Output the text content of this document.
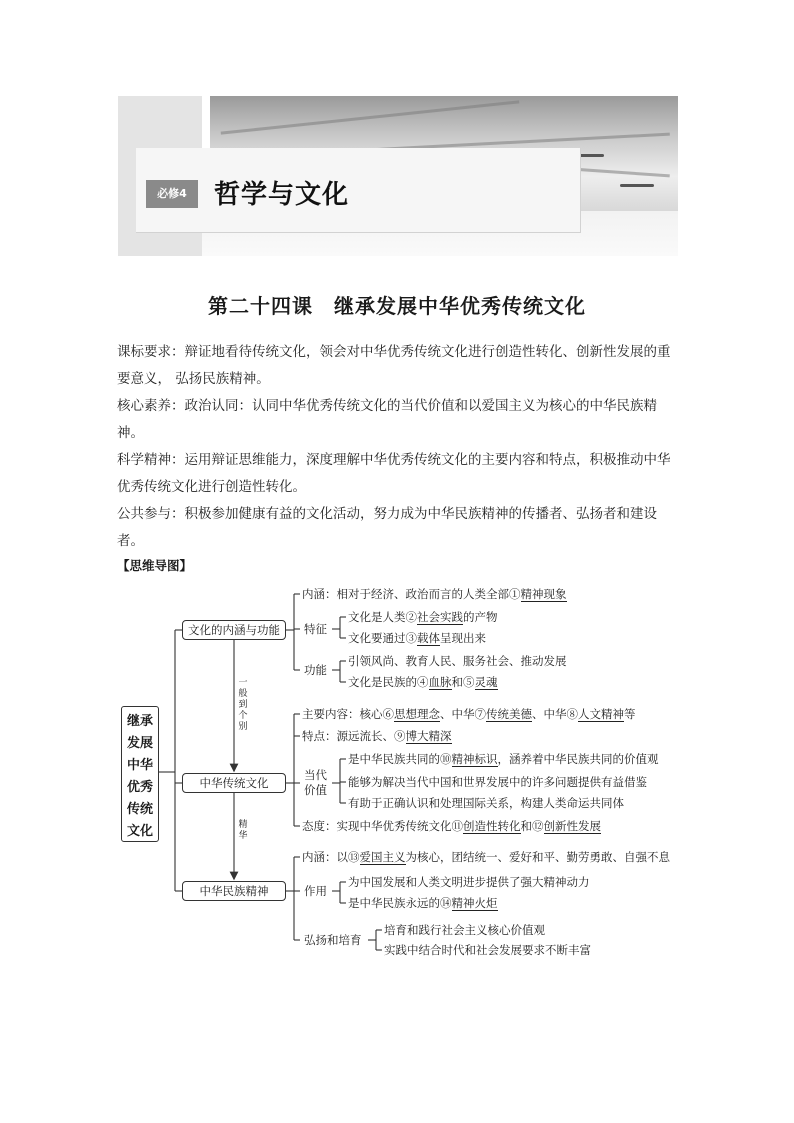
必修4	哲学与文化
第二十四课　继承发展中华优秀传统文化
课标要求：辩证地看待传统文化，领会对中华优秀传统文化进行创造性转化、创新性发展的重要意义， 弘扬民族精神。
核心素养：政治认同：认同中华优秀传统文化的当代价值和以爱国主义为核心的中华民族精神。
科学精神：运用辩证思维能力，深度理解中华优秀传统文化的主要内容和特点，积极推动中华优秀传统文化进行创造性转化。
公共参与：积极参加健康有益的文化活动，努力成为中华民族精神的传播者、弘扬者和建设者。
【思维导图】
继承发展中华优秀传统文化
一般到个别
精华
文化的内涵与功能
中华传统文化
中华民族精神
内涵：相对于经济、政治而言的人类全部①精神现象
特征
文化是人类②社会实践的产物
文化要通过③载体呈现出来
功能
引领风尚、教育人民、服务社会、推动发展
文化是民族的④血脉和⑤灵魂
主要内容：核心⑥思想理念、中华⑦传统美德、中华⑧人文精神等
特点：源远流长、⑨博大精深
当代价值
是中华民族共同的⑩精神标识，涵养着中华民族共同的价值观
能够为解决当代中国和世界发展中的许多问题提供有益借鉴
有助于正确认识和处理国际关系，构建人类命运共同体
态度：实现中华优秀传统文化⑪创造性转化和⑫创新性发展
内涵：以⑬爱国主义为核心，团结统一、爱好和平、勤劳勇敢、自强不息
作用
为中国发展和人类文明进步提供了强大精神动力
是中华民族永远的⑭精神火炬
弘扬和培育
培育和践行社会主义核心价值观
实践中结合时代和社会发展要求不断丰富
